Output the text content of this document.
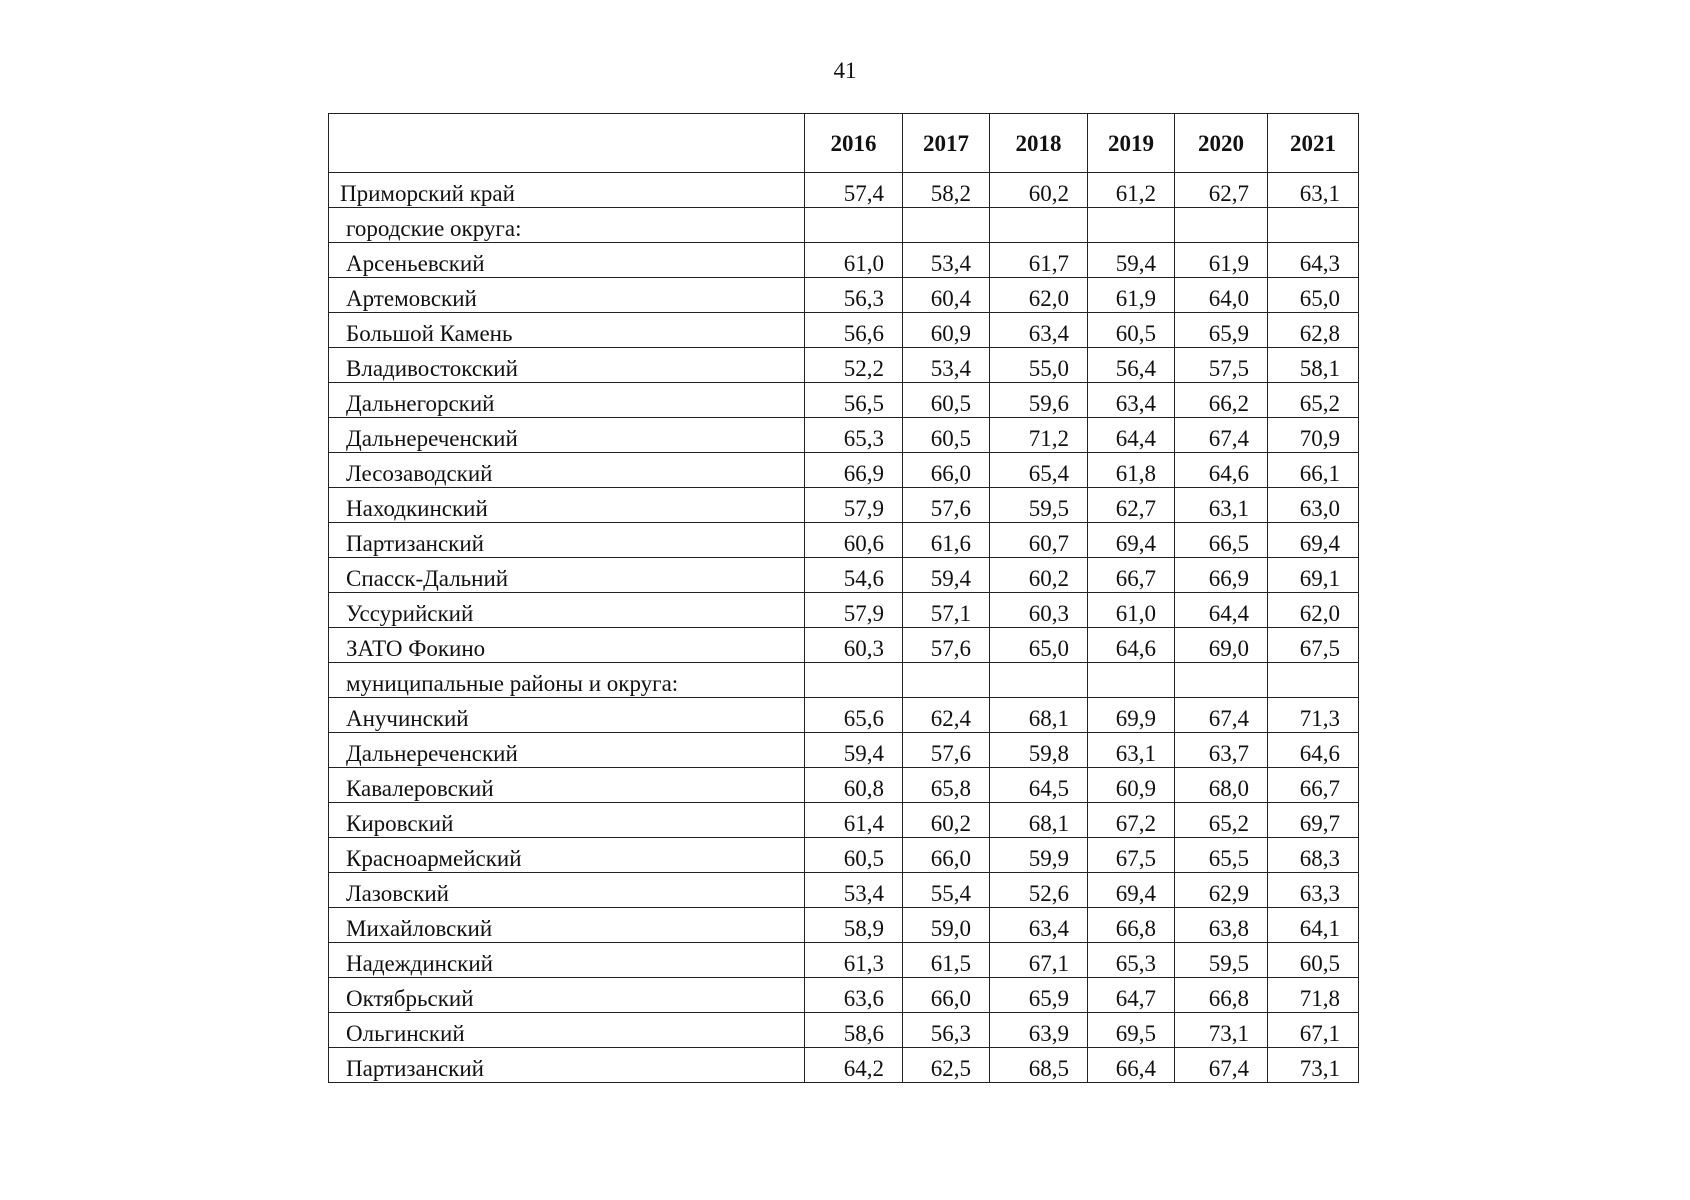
41
	2016	2017	2018	2019	2020	2021
Приморский край	57,4	58,2	60,2	61,2	62,7	63,1
городские округа:						
Арсеньевский	61,0	53,4	61,7	59,4	61,9	64,3
Артемовский	56,3	60,4	62,0	61,9	64,0	65,0
Большой Камень	56,6	60,9	63,4	60,5	65,9	62,8
Владивостокский	52,2	53,4	55,0	56,4	57,5	58,1
Дальнегорский	56,5	60,5	59,6	63,4	66,2	65,2
Дальнереченский	65,3	60,5	71,2	64,4	67,4	70,9
Лесозаводский	66,9	66,0	65,4	61,8	64,6	66,1
Находкинский	57,9	57,6	59,5	62,7	63,1	63,0
Партизанский	60,6	61,6	60,7	69,4	66,5	69,4
Спасск-Дальний	54,6	59,4	60,2	66,7	66,9	69,1
Уссурийский	57,9	57,1	60,3	61,0	64,4	62,0
ЗАТО Фокино	60,3	57,6	65,0	64,6	69,0	67,5
муниципальные районы и округа:						
Анучинский	65,6	62,4	68,1	69,9	67,4	71,3
Дальнереченский	59,4	57,6	59,8	63,1	63,7	64,6
Кавалеровский	60,8	65,8	64,5	60,9	68,0	66,7
Кировский	61,4	60,2	68,1	67,2	65,2	69,7
Красноармейский	60,5	66,0	59,9	67,5	65,5	68,3
Лазовский	53,4	55,4	52,6	69,4	62,9	63,3
Михайловский	58,9	59,0	63,4	66,8	63,8	64,1
Надеждинский	61,3	61,5	67,1	65,3	59,5	60,5
Октябрьский	63,6	66,0	65,9	64,7	66,8	71,8
Ольгинский	58,6	56,3	63,9	69,5	73,1	67,1
Партизанский	64,2	62,5	68,5	66,4	67,4	73,1
